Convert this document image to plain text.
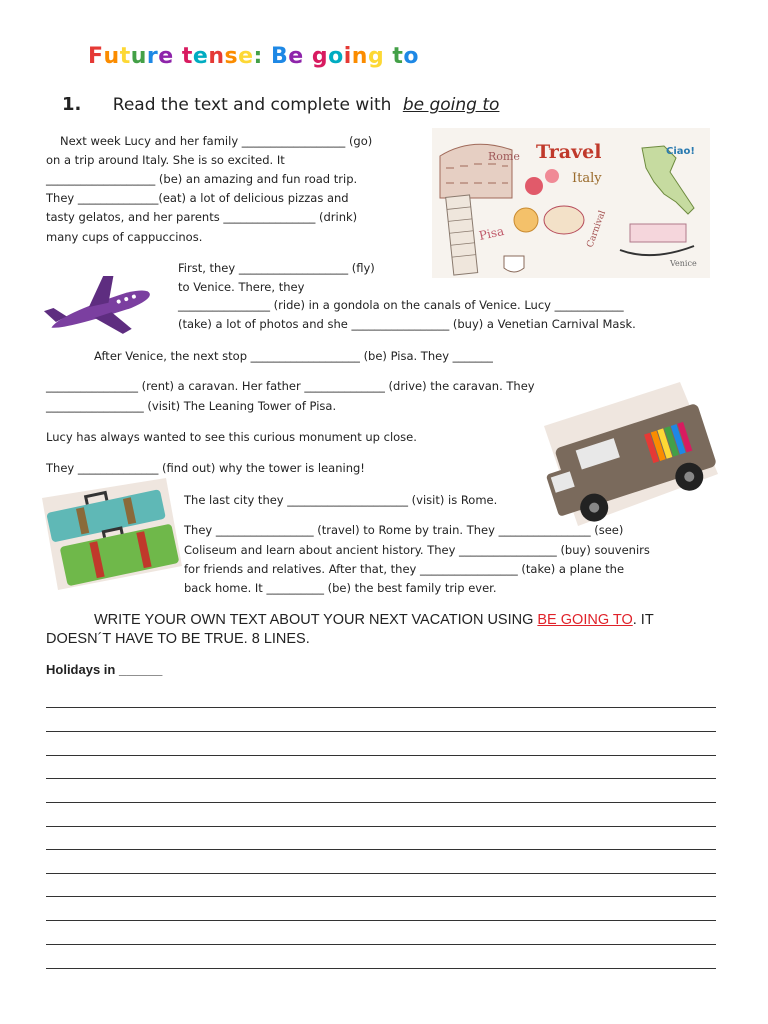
Future tense: Be going to
1. Read the text and complete with be going to
Next week Lucy and her family __________________ (go)
on a trip around Italy. She is so excited. It
___________________ (be) an amazing and fun road trip.
They ______________(eat) a lot of delicious pizzas and
tasty gelatos, and her parents ________________ (drink)
many cups of cappuccinos.
First, they ___________________ (fly)
to Venice. There, they
________________ (ride) in a gondola on the canals of Venice. Lucy ____________
(take) a lot of photos and she _________________ (buy) a Venetian Carnival Mask.
After Venice, the next stop ___________________ (be) Pisa. They _______
________________ (rent) a caravan. Her father ______________ (drive) the caravan. They
_________________ (visit) The Leaning Tower of Pisa.
Lucy has always wanted to see this curious monument up close.
They ______________ (find out) why the tower is leaning!
The last city they _____________________ (visit) is Rome.
They _________________ (travel) to Rome by train. They ________________ (see)
Coliseum and learn about ancient history. They _________________ (buy) souvenirs
for friends and relatives. After that, they _________________ (take) a plane the
back home. It __________ (be) the best family trip ever.
Rome Travel
Italy
Ciao!
Pisa	Carnival
Venice
WRITE YOUR OWN TEXT ABOUT YOUR NEXT VACATION USING BE GOING TO. IT
DOESN´T HAVE TO BE TRUE. 8 LINES.
Holidays in ______
